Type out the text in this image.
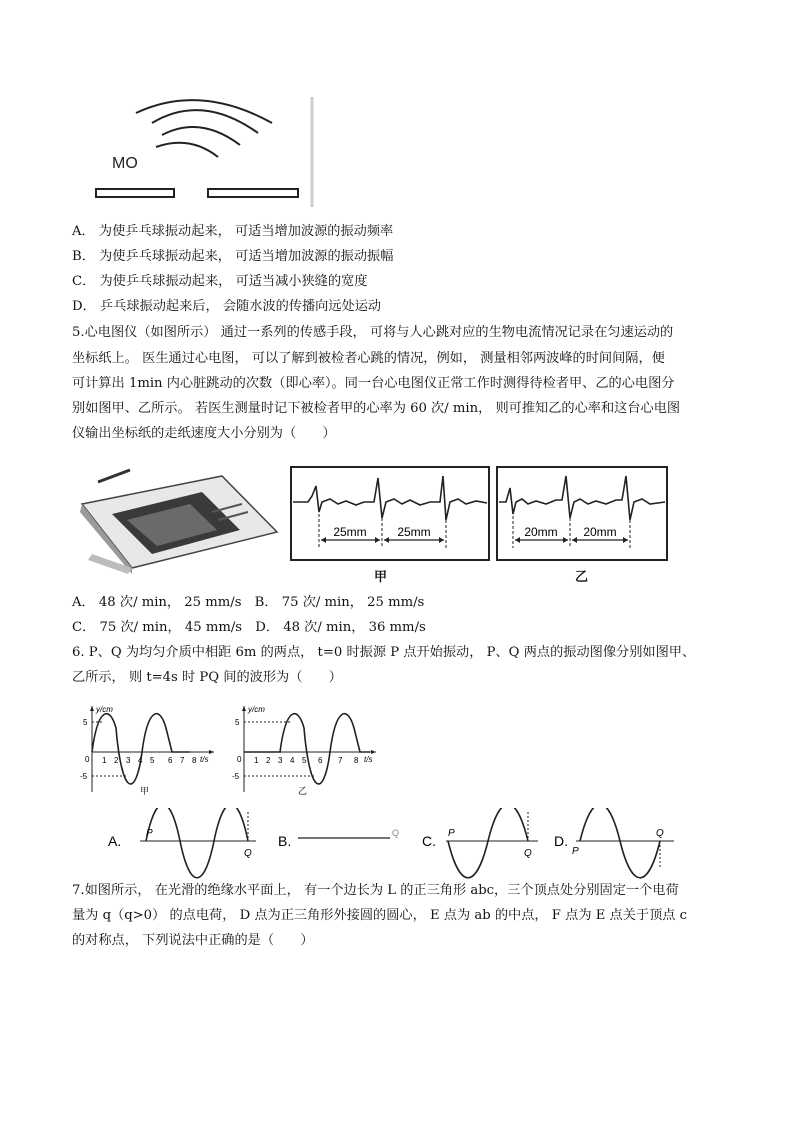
MO
A． 为使乒乓球振动起来， 可适当增加波源的振动频率
B． 为使乒乓球振动起来， 可适当增加波源的振动振幅
C． 为使乒乓球振动起来， 可适当减小狭缝的宽度
D． 乒乓球振动起来后， 会随水波的传播向远处运动
5.心电图仪（如图所示） 通过一系列的传感手段， 可将与人心跳对应的生物电流情况记录在匀速运动的
坐标纸上。 医生通过心电图， 可以了解到被检者心跳的情况，例如， 测量相邻两波峰的时间间隔，便
可计算出 1min 内心脏跳动的次数（即心率）。同一台心电图仪正常工作时测得待检者甲、乙的心电图分
别如图甲、乙所示。 若医生测量时记下被检者甲的心率为 60 次/ min， 则可推知乙的心率和这台心电图
仪输出坐标纸的走纸速度大小分别为（　　）
25mm	25mm
甲
20mm 20mm
乙
A． 48 次/ min， 25 mm/s　B． 75 次/ min， 25 mm/s
C． 75 次/ min， 45 mm/s　D． 48 次/ min， 36 mm/s
6. P、Q 为均匀介质中相距 6m 的两点， t=0 时振源 P 点开始振动， P、Q 两点的振动图像分别如图甲、
乙所示， 则 t=4s 时 PQ 间的波形为（　　）
y/cm
t/s
5
-5
0 1 2 3 4 5 6 7 8
甲
y/cm
t/s
5
-5
0 1 2 3 4 5 6 7 8
乙
A. P
Q
B.	Q C. P
Q
D.
P
Q
7.如图所示， 在光滑的绝缘水平面上， 有一个边长为 L 的正三角形 abc，三个顶点处分别固定一个电荷
量为 q（q>0） 的点电荷， D 点为正三角形外接圆的圆心， E 点为 ab 的中点， F 点为 E 点关于顶点 c
的对称点， 下列说法中正确的是（　　）
